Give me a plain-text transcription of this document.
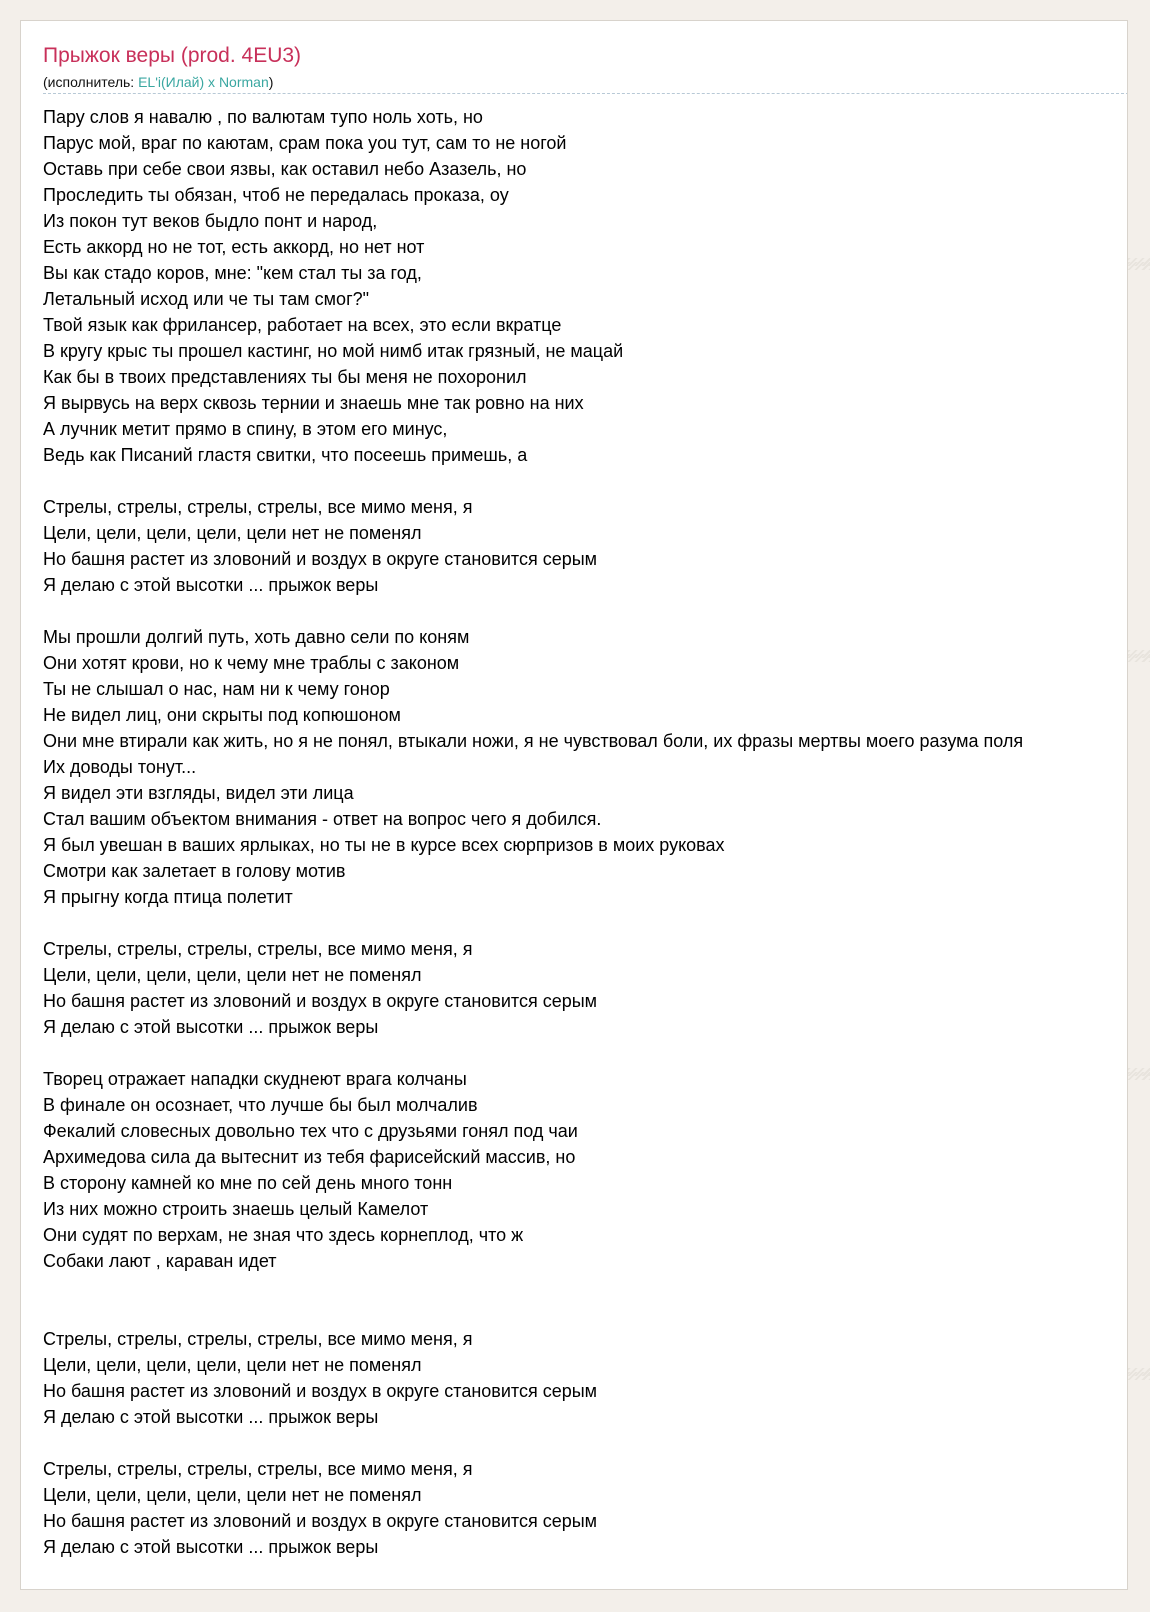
Прыжок веры (prod. 4EU3)
(исполнитель: EL'i(Илай) x Norman)
Пару слов я навалю , по валютам тупо ноль хоть, но
Парус мой, враг по каютам, срам пока you тут, сам то не ногой
Оставь при себе свои язвы, как оставил небо Азазель, но
Проследить ты обязан, чтоб не передалась проказа, оу
Из покон тут веков быдло понт и народ,
Есть аккорд но не тот, есть аккорд, но нет нот
Вы как стадо коров, мне: "кем стал ты за год,
Летальный исход или че ты там смог?"
Твой язык как фрилансер, работает на всех, это если вкратце
В кругу крыс ты прошел кастинг, но мой нимб итак грязный, не мацай
Как бы в твоих представлениях ты бы меня не похоронил
Я вырвусь на верх сквозь тернии и знаешь мне так ровно на них
А лучник метит прямо в спину, в этом его минус,
Ведь как Писаний гластя свитки, что посеешь примешь, а
Стрелы, стрелы, стрелы, стрелы, все мимо меня, я
Цели, цели, цели, цели, цели нет не поменял
Но башня растет из зловоний и воздух в округе становится серым
Я делаю с этой высотки ... прыжок веры
Мы прошли долгий путь, хоть давно сели по коням
Они хотят крови, но к чему мне траблы с законом
Ты не слышал о нас, нам ни к чему гонор
Не видел лиц, они скрыты под копюшоном
Они мне втирали как жить, но я не понял, втыкали ножи, я не чувствовал боли, их фразы мертвы моего разума поля
Их доводы тонут...
Я видел эти взгляды, видел эти лица
Стал вашим объектом внимания - ответ на вопрос чего я добился.
Я был увешан в ваших ярлыках, но ты не в курсе всех сюрпризов в моих руковах
Смотри как залетает в голову мотив
Я прыгну когда птица полетит
Стрелы, стрелы, стрелы, стрелы, все мимо меня, я
Цели, цели, цели, цели, цели нет не поменял
Но башня растет из зловоний и воздух в округе становится серым
Я делаю с этой высотки ... прыжок веры
Творец отражает нападки скуднеют врага колчаны
В финале он осознает, что лучше бы был молчалив
Фекалий словесных довольно тех что с друзьями гонял под чаи
Архимедова сила да вытеснит из тебя фарисейский массив, но
В сторону камней ко мне по сей день много тонн
Из них можно строить знаешь целый Камелот
Они судят по верхам, не зная что здесь корнеплод, что ж
Собаки лают , караван идет
Стрелы, стрелы, стрелы, стрелы, все мимо меня, я
Цели, цели, цели, цели, цели нет не поменял
Но башня растет из зловоний и воздух в округе становится серым
Я делаю с этой высотки ... прыжок веры
Стрелы, стрелы, стрелы, стрелы, все мимо меня, я
Цели, цели, цели, цели, цели нет не поменял
Но башня растет из зловоний и воздух в округе становится серым
Я делаю с этой высотки ... прыжок веры
